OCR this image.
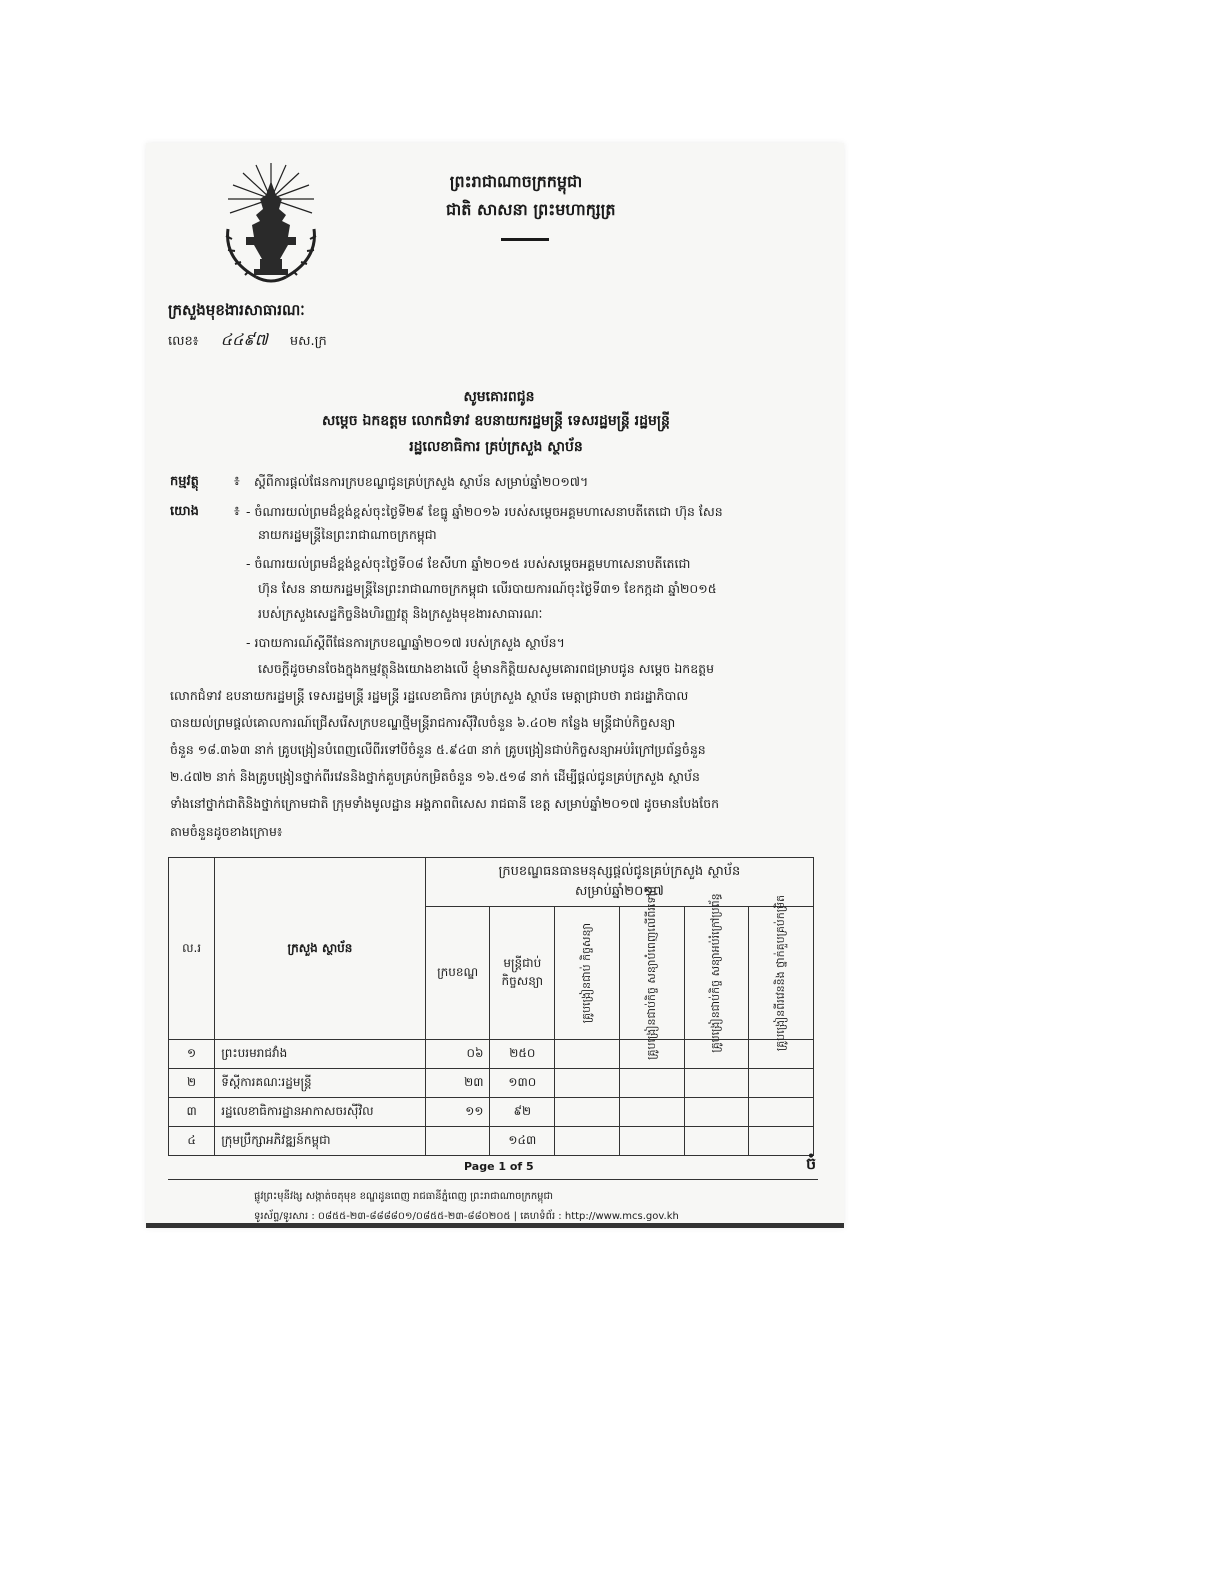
ព្រះរាជាណាចក្រកម្ពុជា
ជាតិ សាសនា ព្រះមហាក្សត្រ
ក្រសួងមុខងារសាធារណៈ
លេខ៖ ៤៤៩៧ មស.ក្រ
សូមគោរពជូន
សម្តេច ឯកឧត្តម លោកជំទាវ ឧបនាយករដ្ឋមន្ត្រី ទេសរដ្ឋមន្ត្រី រដ្ឋមន្ត្រី
រដ្ឋលេខាធិការ គ្រប់ក្រសួង ស្ថាប័ន
កម្មវត្ថុ	៖ ស្តីពីការផ្តល់ផែនការក្របខណ្ឌជូនគ្រប់ក្រសួង ស្ថាប័ន សម្រាប់ឆ្នាំ២០១៧។
យោង	៖ - ចំណារយល់ព្រមដ៏ខ្ពង់ខ្ពស់ចុះថ្ងៃទី២៩ ខែធ្នូ ឆ្នាំ២០១៦ របស់សម្តេចអគ្គមហាសេនាបតីតេជោ ហ៊ុន សែន
នាយករដ្ឋមន្ត្រីនៃព្រះរាជាណាចក្រកម្ពុជា
- ចំណារយល់ព្រមដ៏ខ្ពង់ខ្ពស់ចុះថ្ងៃទី០៨ ខែសីហា ឆ្នាំ២០១៥ របស់សម្តេចអគ្គមហាសេនាបតីតេជោ
ហ៊ុន សែន នាយករដ្ឋមន្ត្រីនៃព្រះរាជាណាចក្រកម្ពុជា លើរបាយការណ៍ចុះថ្ងៃទី៣១ ខែកក្កដា ឆ្នាំ២០១៥
របស់ក្រសួងសេដ្ឋកិច្ចនិងហិរញ្ញវត្ថុ និងក្រសួងមុខងារសាធារណៈ
- របាយការណ៍ស្តីពីផែនការក្របខណ្ឌឆ្នាំ២០១៧ របស់ក្រសួង ស្ថាប័ន។
សេចក្តីដូចមានចែងក្នុងកម្មវត្ថុនិងយោងខាងលើ ខ្ញុំមានកិត្តិយសសូមគោរពជម្រាបជូន សម្តេច ឯកឧត្តម
លោកជំទាវ ឧបនាយករដ្ឋមន្ត្រី ទេសរដ្ឋមន្ត្រី រដ្ឋមន្ត្រី រដ្ឋលេខាធិការ គ្រប់ក្រសួង ស្ថាប័ន មេត្តាជ្រាបថា រាជរដ្ឋាភិបាល
បានយល់ព្រមផ្តល់គោលការណ៍ជ្រើសរើសក្របខណ្ឌថ្មីមន្ត្រីរាជការស៊ីវិលចំនួន ៦.៤០២ កន្លែង មន្ត្រីជាប់កិច្ចសន្យា
ចំនួន ១៨.៣៦៣ នាក់ គ្រូបង្រៀនបំពេញលើពីរទៅបីចំនួន ៥.៩៤៣ នាក់ គ្រូបង្រៀនជាប់កិច្ចសន្យាអប់រំក្រៅប្រព័ន្ធចំនួន
២.៤៧២ នាក់ និងគ្រូបង្រៀនថ្នាក់ពីរវេននិងថ្នាក់គួបគ្រប់កម្រិតចំនួន ១៦.៥១៨ នាក់ ដើម្បីផ្តល់ជូនគ្រប់ក្រសួង ស្ថាប័ន
ទាំងនៅថ្នាក់ជាតិនិងថ្នាក់ក្រោមជាតិ ក្រុមទាំងមូលដ្ឋាន អង្គភាពពិសេស រាជធានី ខេត្ត សម្រាប់ឆ្នាំ២០១៧ ដូចមានបែងចែក
តាមចំនួនដូចខាងក្រោម៖
ល.រ	ក្រសួង ស្ថាប័ន	ក្របខណ្ឌធនធានមនុស្សផ្តល់ជូនគ្រប់ក្រសួង ស្ថាប័ន
សម្រាប់ឆ្នាំ២០១៧					

		ក្របខណ្ឌ	មន្ត្រីជាប់ កិច្ចសន្យា	គ្រូបង្រៀនជាប់ កិច្ចសន្យា	គ្រូបង្រៀនជាប់កិច្ច សន្យាបំពេញលើពីរទៅបី	គ្រូបង្រៀនជាប់កិច្ច សន្យាអប់រំក្រៅប្រព័ន្ធ	គ្រូបង្រៀនពីរវេននិង ថ្នាក់គួបគ្រប់កម្រិត

១	ព្រះបរមរាជវាំង	០៦	២៥០				
២	ទីស្តីការគណៈរដ្ឋមន្ត្រី	២៣	១៣០				
៣	រដ្ឋលេខាធិការដ្ឋានអាកាសចរស៊ីវិល	១១	៩២				
៤	ក្រុមប្រឹក្សាអភិវឌ្ឍន៍កម្ពុជា		១៤៣				
Page 1 of 5	ចំ
ផ្លូវព្រះមុនីវង្ស សង្កាត់ចតុមុខ ខណ្ឌដូនពេញ រាជធានីភ្នំពេញ ព្រះរាជាណាចក្រកម្ពុជា
ទូរស័ព្ទ/ទូរសារ : ០៨៥៥-២៣-៨៨៨៨០១/០៨៥៥-២៣-៨៨០២០៥ | គេហទំព័រ : http://www.mcs.gov.kh
